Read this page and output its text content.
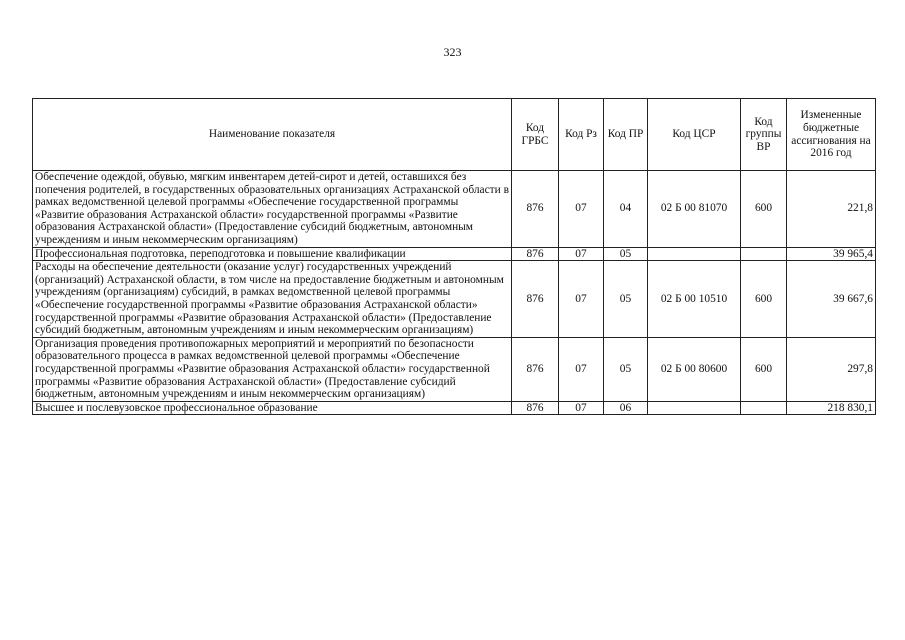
323
Наименование показателя	Код ГРБС	Код Рз	Код ПР	Код ЦСР	Код группы ВР	Измененные бюджетные ассигнования на 2016 год

Обеспечение одеждой, обувью, мягким инвентарем детей-сирот и детей, оставшихся без попечения родителей, в государственных образовательных организациях Астраханской области в рамках ведомственной целевой программы «Обеспечение государственной программы «Развитие образования Астраханской области» государственной программы «Развитие образования Астраханской области» (Предоставление субсидий бюджетным, автономным учреждениям и иным некоммерческим организациям)	876	07	04	02 Б 00 81070	600	221,8
Профессиональная подготовка, переподготовка и повышение квалификации	876	07	05			39 965,4
Расходы на обеспечение деятельности (оказание услуг) государственных учреждений (организаций) Астраханской области, в том числе на предоставление бюджетным и автономным учреждениям (организациям) субсидий, в рамках ведомственной целевой программы «Обеспечение государственной программы «Развитие образования Астраханской области» государственной программы «Развитие образования Астраханской области» (Предоставление субсидий бюджетным, автономным учреждениям и иным некоммерческим организациям)	876	07	05	02 Б 00 10510	600	39 667,6
Организация проведения противопожарных мероприятий и мероприятий по безопасности образовательного процесса в рамках ведомственной целевой программы «Обеспечение государственной программы «Развитие образования Астраханской области» государственной программы «Развитие образования Астраханской области» (Предоставление субсидий бюджетным, автономным учреждениям и иным некоммерческим организациям)	876	07	05	02 Б 00 80600	600	297,8
Высшее и послевузовское профессиональное образование	876	07	06			218 830,1
